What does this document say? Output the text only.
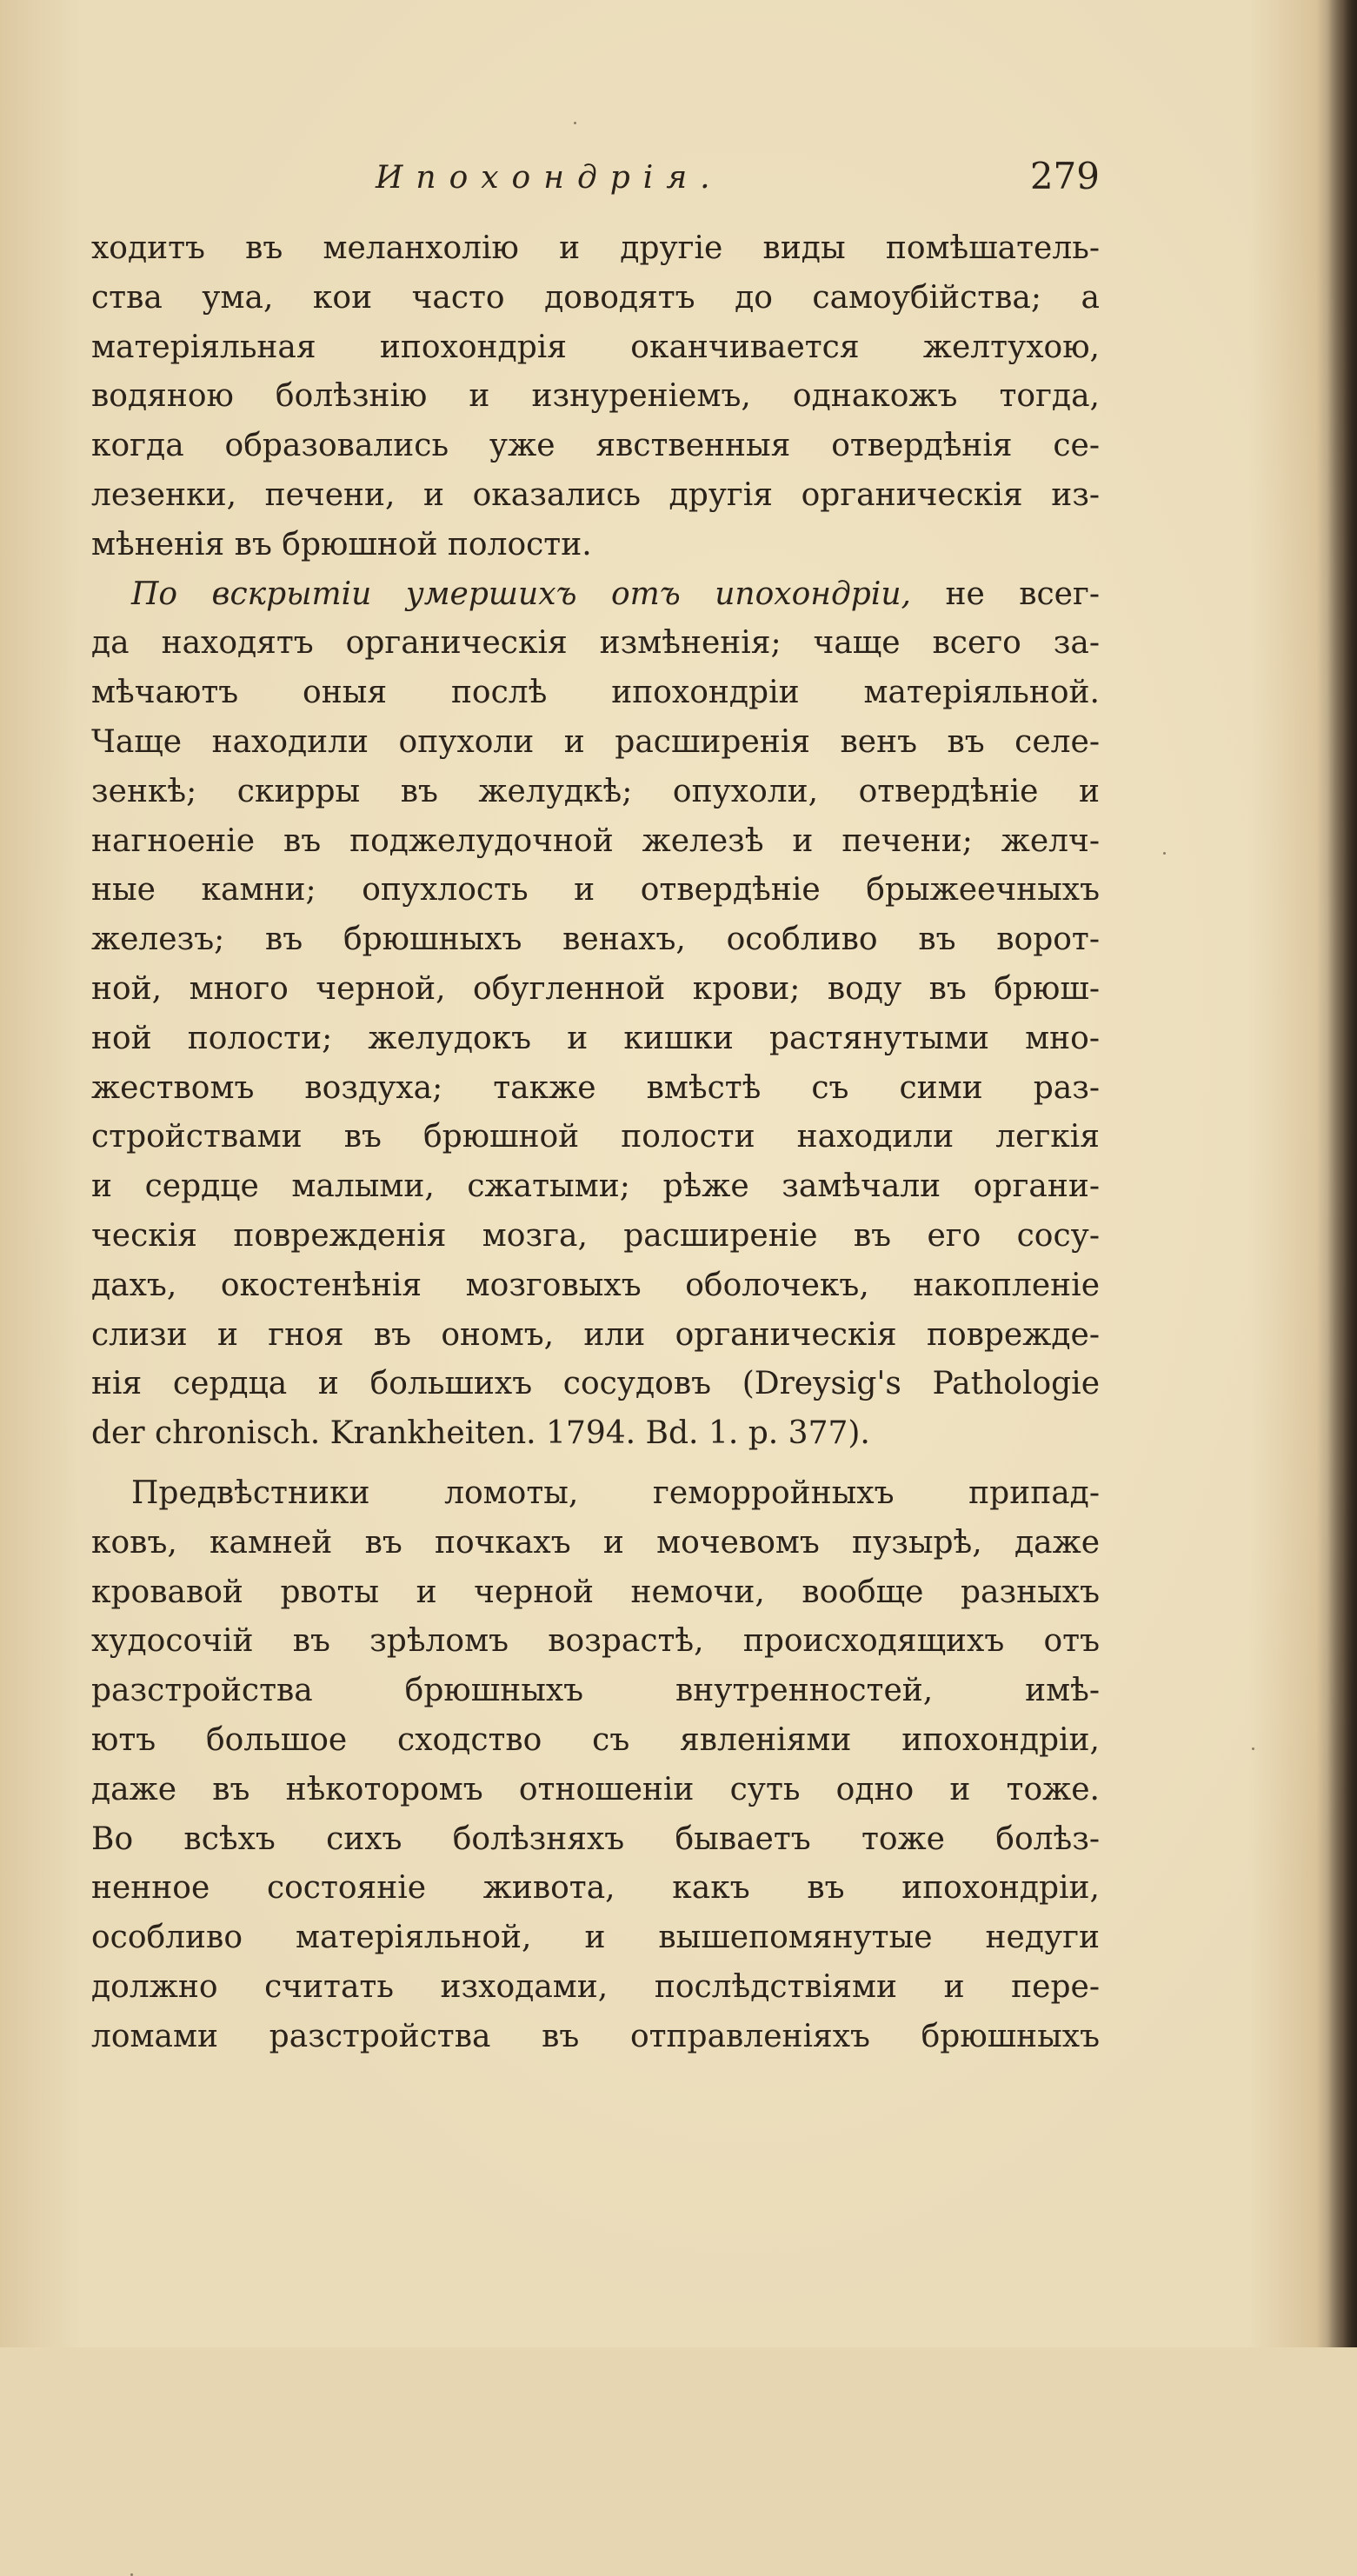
Ипохондрія.	279
ходитъ въ меланхолію и другіе виды помѣшатель-
ства ума, кои часто доводятъ до самоубійства; а
матеріяльная ипохондрія оканчивается желтухою,
водяною болѣзнію и изнуреніемъ, однакожъ тогда,
когда образовались уже явственныя отвердѣнія се-
лезенки, печени, и оказались другія органическія из-
мѣненія въ брюшной полости.
По вскрытіи умершихъ отъ ипохондріи, не всег-
да находятъ органическія измѣненія; чаще всего за-
мѣчаютъ оныя послѣ ипохондріи матеріяльной.
Чаще находили опухоли и расширенія венъ въ селе-
зенкѣ; скирры въ желудкѣ; опухоли, отвердѣніе и
нагноеніе въ поджелудочной железѣ и печени; желч-
ные камни; опухлость и отвердѣніе брыжеечныхъ
железъ; въ брюшныхъ венахъ, особливо въ ворот-
ной, много черной, обугленной крови; воду въ брюш-
ной полости; желудокъ и кишки растянутыми мно-
жествомъ воздуха; также вмѣстѣ съ сими раз-
стройствами въ брюшной полости находили легкія
и сердце малыми, сжатыми; рѣже замѣчали органи-
ческія поврежденія мозга, расширеніе въ его сосу-
дахъ, окостенѣнія мозговыхъ оболочекъ, накопленіе
слизи и гноя въ ономъ, или органическія поврежде-
нія сердца и большихъ сосудовъ (Dreysig's Pathologie
der chronisch. Krankheiten. 1794. Bd. 1. p. 377).
Предвѣстники ломоты, геморройныхъ припад-
ковъ, камней въ почкахъ и мочевомъ пузырѣ, даже
кровавой рвоты и черной немочи, вообще разныхъ
худосочій въ зрѣломъ возрастѣ, происходящихъ отъ
разстройства брюшныхъ внутренностей, имѣ-
ютъ большое сходство съ явленіями ипохондріи,
даже въ нѣкоторомъ отношеніи суть одно и тоже.
Во всѣхъ сихъ болѣзняхъ бываетъ тоже болѣз-
ненное состояніе живота, какъ въ ипохондріи,
особливо матеріяльной, и вышепомянутые недуги
должно считать изходами, послѣдствіями и пере-
ломами разстройства въ отправленіяхъ брюшныхъ
